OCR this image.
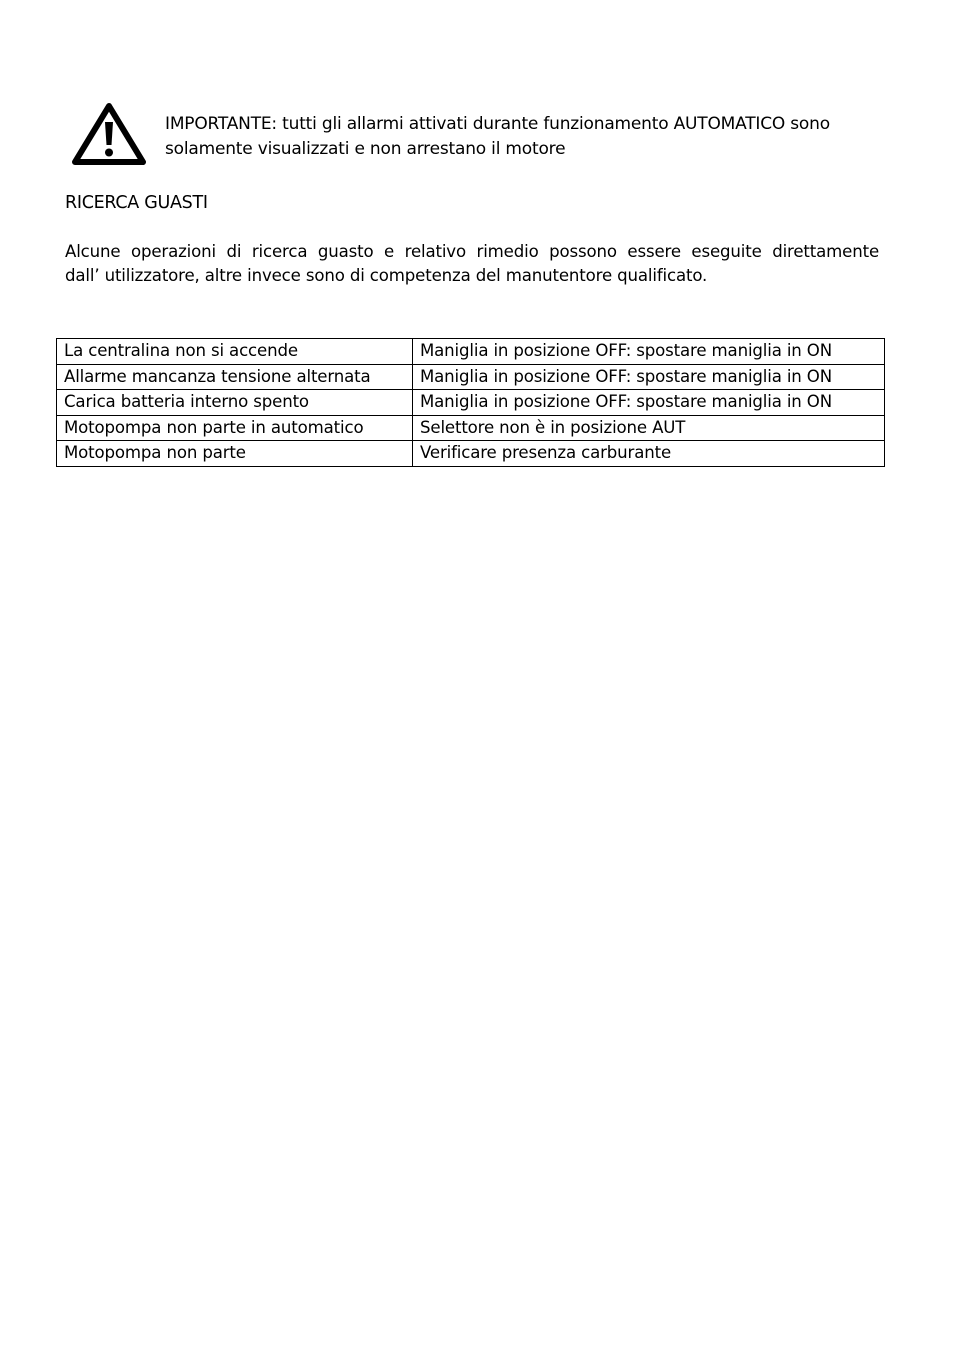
IMPORTANTE: tutti gli allarmi attivati durante funzionamento AUTOMATICO sono
solamente visualizzati e non arrestano il motore
RICERCA GUASTI
Alcune operazioni di ricerca guasto e relativo rimedio possono essere eseguite direttamente
dall’ utilizzatore, altre invece sono di competenza del manutentore qualificato.
La centralina non si accende	Maniglia in posizione OFF: spostare maniglia in ON
Allarme mancanza tensione alternata	Maniglia in posizione OFF: spostare maniglia in ON
Carica batteria interno spento	Maniglia in posizione OFF: spostare maniglia in ON
Motopompa non parte in automatico	Selettore non è in posizione AUT
Motopompa non parte	Verificare presenza carburante
